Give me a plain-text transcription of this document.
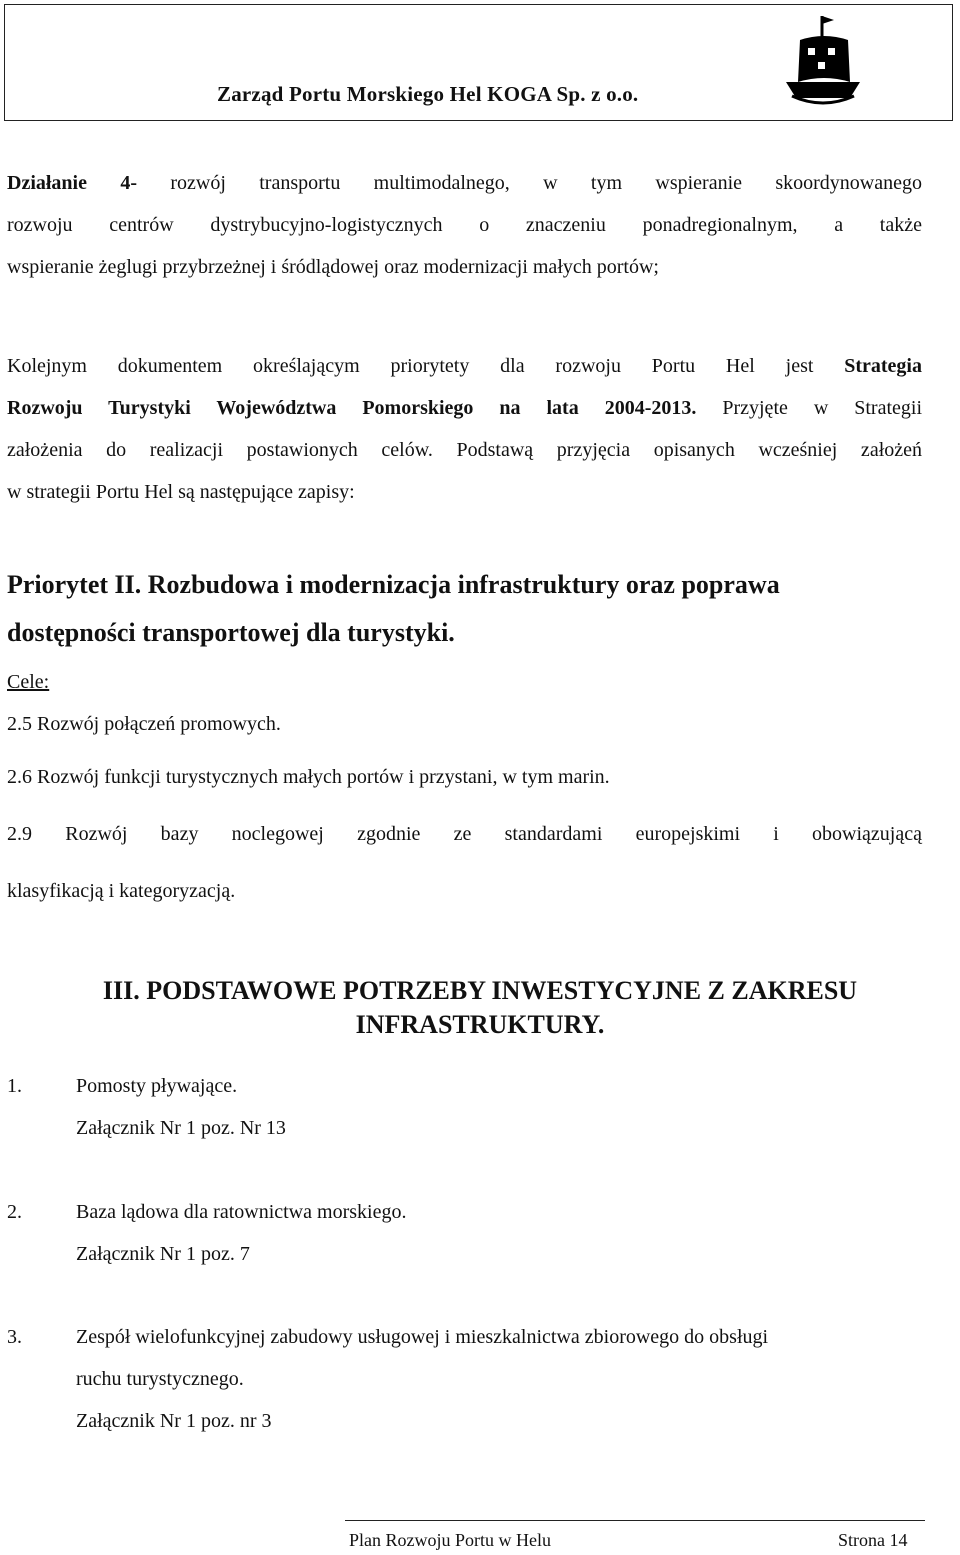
Zarząd Portu Morskiego Hel KOGA Sp. z o.o.
Działanie 4- rozwój transportu multimodalnego, w tym wspieranie skoordynowanego
rozwoju centrów dystrybucyjno-logistycznych o znaczeniu ponadregionalnym, a także
wspieranie żeglugi przybrzeżnej i śródlądowej oraz modernizacji małych portów;
Kolejnym dokumentem określającym priorytety dla rozwoju Portu Hel jest Strategia
Rozwoju Turystyki Województwa Pomorskiego na lata 2004-2013. Przyjęte w Strategii
założenia do realizacji postawionych celów. Podstawą przyjęcia opisanych wcześniej założeń
w strategii Portu Hel są następujące zapisy:
Priorytet II. Rozbudowa i modernizacja infrastruktury oraz poprawa
dostępności transportowej dla turystyki.
Cele:
2.5 Rozwój połączeń promowych.
2.6 Rozwój funkcji turystycznych małych portów i przystani, w tym marin.
2.9 Rozwój bazy noclegowej zgodnie ze standardami europejskimi i obowiązującą
klasyfikacją i kategoryzacją.
III. PODSTAWOWE POTRZEBY INWESTYCYJNE Z ZAKRESU
INFRASTRUKTURY.
1.	Pomosty pływające.
Załącznik Nr 1 poz. Nr 13
2.	Baza lądowa dla ratownictwa morskiego.
Załącznik Nr 1 poz. 7
3.	Zespół wielofunkcyjnej zabudowy usługowej i mieszkalnictwa zbiorowego do obsługi
ruchu turystycznego.
Załącznik Nr 1 poz. nr 3
Plan Rozwoju Portu w Helu	Strona 14
